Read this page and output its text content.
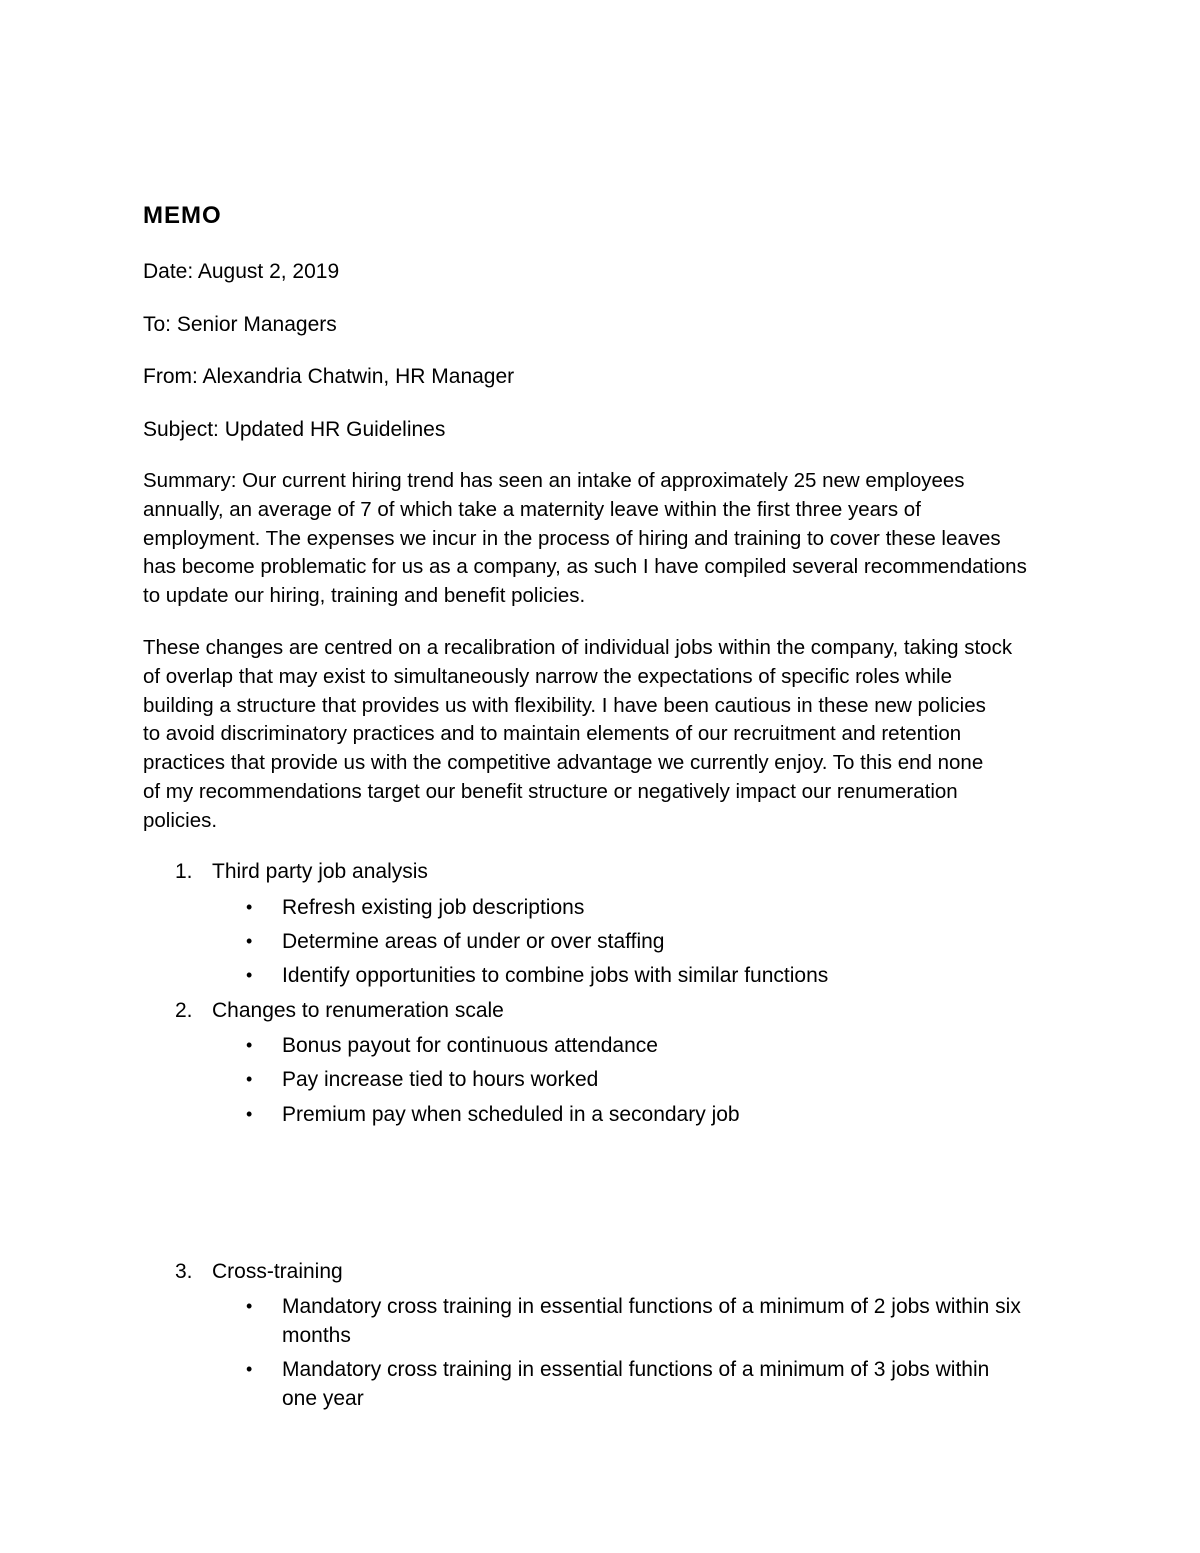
MEMO

Date: August 2, 2019

To: Senior Managers

From: Alexandria Chatwin, HR Manager

Subject: Updated HR Guidelines

Summary: Our current hiring trend has seen an intake of approximately 25 new employees
annually, an average of 7 of which take a maternity leave within the first three years of
employment. The expenses we incur in the process of hiring and training to cover these leaves
has become problematic for us as a company, as such I have compiled several recommendations
to update our hiring, training and benefit policies.
These changes are centred on a recalibration of individual jobs within the company, taking stock
of overlap that may exist to simultaneously narrow the expectations of specific roles while
building a structure that provides us with flexibility. I have been cautious in these new policies
to avoid discriminatory practices and to maintain elements of our recruitment and retention
practices that provide us with the competitive advantage we currently enjoy. To this end none
of my recommendations target our benefit structure or negatively impact our renumeration
policies.

1. Third party job analysis

•	Refresh existing job descriptions
•	Determine areas of under or over staffing
•	Identify opportunities to combine jobs with similar functions

2. Changes to renumeration scale

•	Bonus payout for continuous attendance
•	Pay increase tied to hours worked
•	Premium pay when scheduled in a secondary job

3. Cross-training

•	Mandatory cross training in essential functions of a minimum of 2 jobs within six
months
•	Mandatory cross training in essential functions of a minimum of 3 jobs within
one year
